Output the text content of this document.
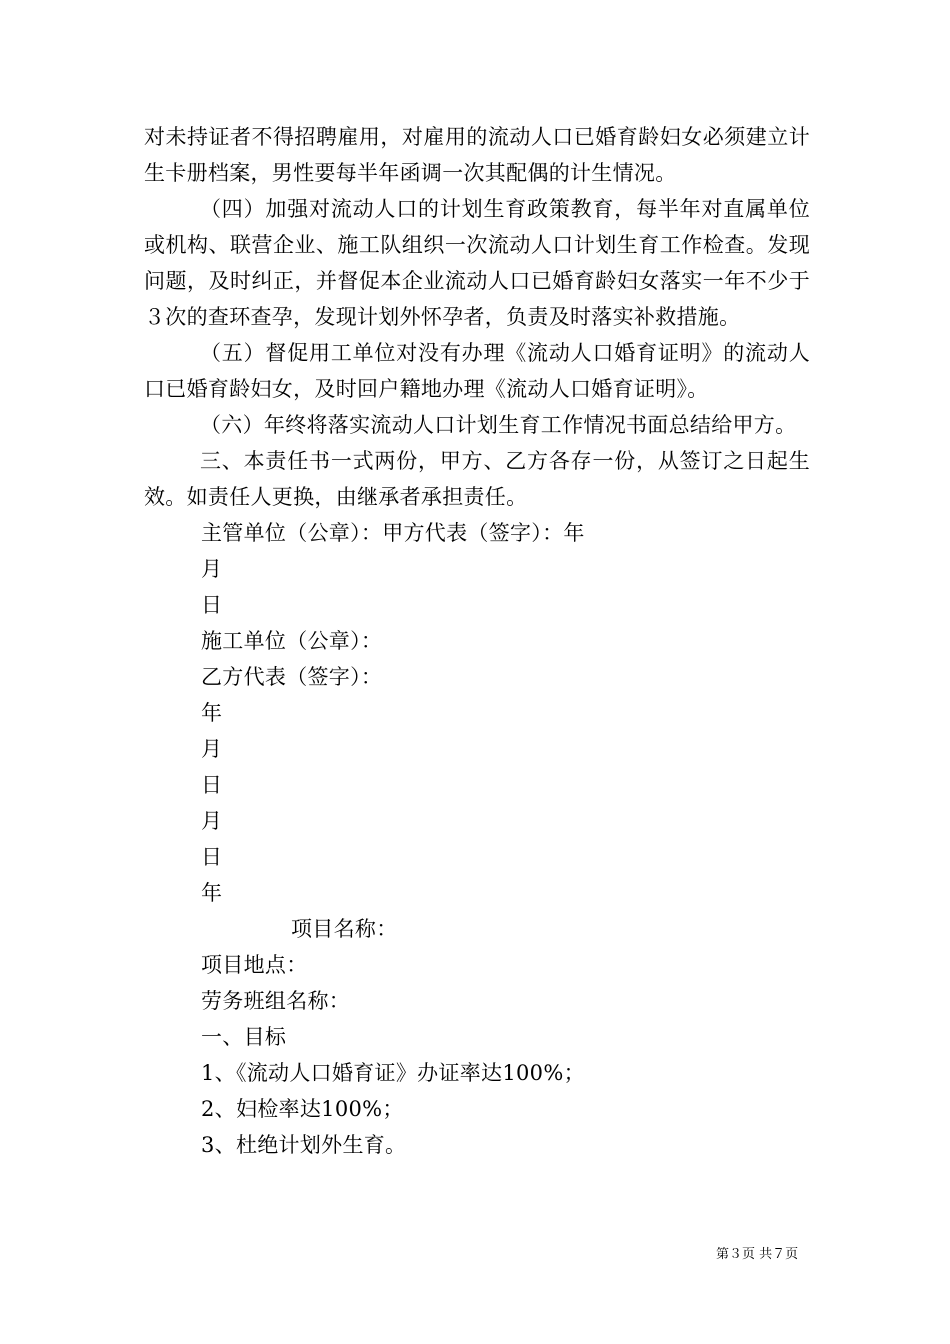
对未持证者不得招聘雇用，对雇用的流动人口已婚育龄妇女必须建立计生卡册档案，男性要每半年函调一次其配偶的计生情况。

（四）加强对流动人口的计划生育政策教育，每半年对直属单位或机构、联营企业、施工队组织一次流动人口计划生育工作检查。发现问题，及时纠正，并督促本企业流动人口已婚育龄妇女落实一年不少于３次的查环查孕，发现计划外怀孕者，负责及时落实补救措施。

（五）督促用工单位对没有办理《流动人口婚育证明》的流动人口已婚育龄妇女，及时回户籍地办理《流动人口婚育证明》。

（六）年终将落实流动人口计划生育工作情况书面总结给甲方。

三、本责任书一式两份，甲方、乙方各存一份，从签订之日起生效。如责任人更换，由继承者承担责任。

主管单位（公章）：甲方代表（签字）：年
月
日
施工单位（公章）：
乙方代表（签字）：
年
月
日
月
日
年
项目名称：
项目地点：
劳务班组名称：
一、目标
1、《流动人口婚育证》办证率达100%；
2、妇检率达100%；
3、杜绝计划外生育。
第３页 共７页
